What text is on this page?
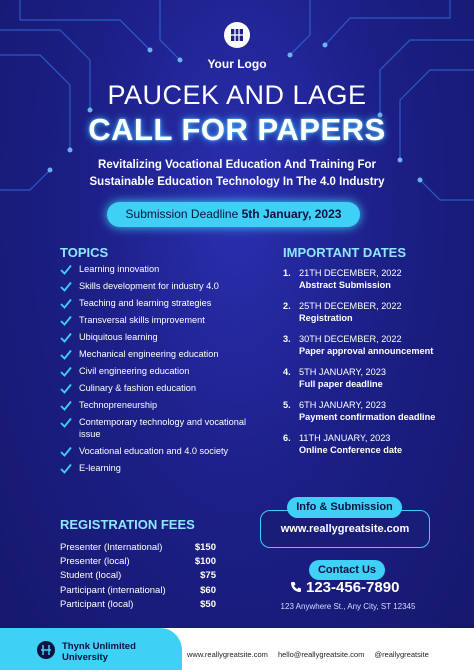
Your Logo
PAUCEK AND LAGE
CALL FOR PAPERS
Revitalizing Vocational Education And Training For
Sustainable Education Technology In The 4.0 Industry
Submission Deadline 5th January, 2023
TOPICS
Learning innovation
Skills development for industry 4.0
Teaching and learning strategies
Transversal skills improvement
Ubiquitous learning
Mechanical engineering education
Civil engineering education
Culinary & fashion education
Technopreneurship
Contemporary technology and vocational issue
Vocational education and 4.0 society
E-learning
IMPORTANT DATES
1. 21TH DECEMBER, 2022
Abstract Submission
2. 25TH DECEMBER, 2022
Registration
3. 30TH DECEMBER, 2022
Paper approval announcement
4. 5TH JANUARY, 2023
Full paper deadline
5. 6TH JANUARY, 2023
Payment confirmation deadline
6. 11TH JANUARY, 2023
Online Conference date
REGISTRATION FEES
Presenter (International)	$150
Presenter (local)	$100
Student (local)	$75
Participant (international)	$60
Participant (local)	$50
Info & Submission
www.reallygreatsite.com
Contact Us
123-456-7890
123 Anywhere St., Any City, ST 12345
Thynk Unlimited
University	www.reallygreatsite.com hello@reallygreatsite.com @reallygreatsite
